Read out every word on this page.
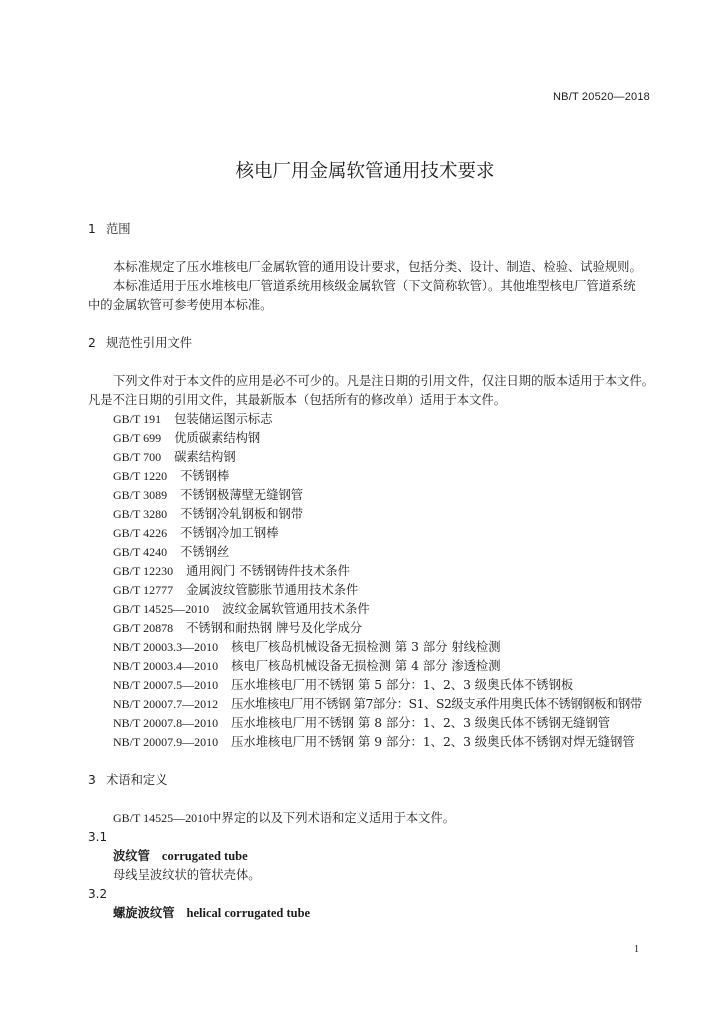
NB/T 20520—2018
核电厂用金属软管通用技术要求
1 范围
本标准规定了压水堆核电厂金属软管的通用设计要求，包括分类、设计、制造、检验、试验规则。
本标准适用于压水堆核电厂管道系统用核级金属软管（下文简称软管）。其他堆型核电厂管道系统
中的金属软管可参考使用本标准。
2 规范性引用文件
下列文件对于本文件的应用是必不可少的。凡是注日期的引用文件，仅注日期的版本适用于本文件。
凡是不注日期的引用文件，其最新版本（包括所有的修改单）适用于本文件。
GB/T 191 包装储运图示标志
GB/T 699 优质碳素结构钢
GB/T 700 碳素结构钢
GB/T 1220 不锈钢棒
GB/T 3089 不锈钢极薄壁无缝钢管
GB/T 3280 不锈钢冷轧钢板和钢带
GB/T 4226 不锈钢冷加工钢棒
GB/T 4240 不锈钢丝
GB/T 12230 通用阀门 不锈钢铸件技术条件
GB/T 12777 金属波纹管膨胀节通用技术条件
GB/T 14525—2010 波纹金属软管通用技术条件
GB/T 20878 不锈钢和耐热钢 牌号及化学成分
NB/T 20003.3—2010 核电厂核岛机械设备无损检测 第 3 部分 射线检测
NB/T 20003.4—2010 核电厂核岛机械设备无损检测 第 4 部分 渗透检测
NB/T 20007.5—2010 压水堆核电厂用不锈钢 第 5 部分：1、2、3 级奥氏体不锈钢板
NB/T 20007.7—2012 压水堆核电厂用不锈钢 第7部分：S1、S2级支承件用奥氏体不锈钢钢板和钢带
NB/T 20007.8—2010 压水堆核电厂用不锈钢 第 8 部分：1、2、3 级奥氏体不锈钢无缝钢管
NB/T 20007.9—2010 压水堆核电厂用不锈钢 第 9 部分：1、2、3 级奥氏体不锈钢对焊无缝钢管
3 术语和定义
GB/T 14525—2010 中界定的以及下列术语和定义适用于本文件。
3.1
波纹管 corrugated tube
母线呈波纹状的管状壳体。
3.2
螺旋波纹管 helical corrugated tube
1
